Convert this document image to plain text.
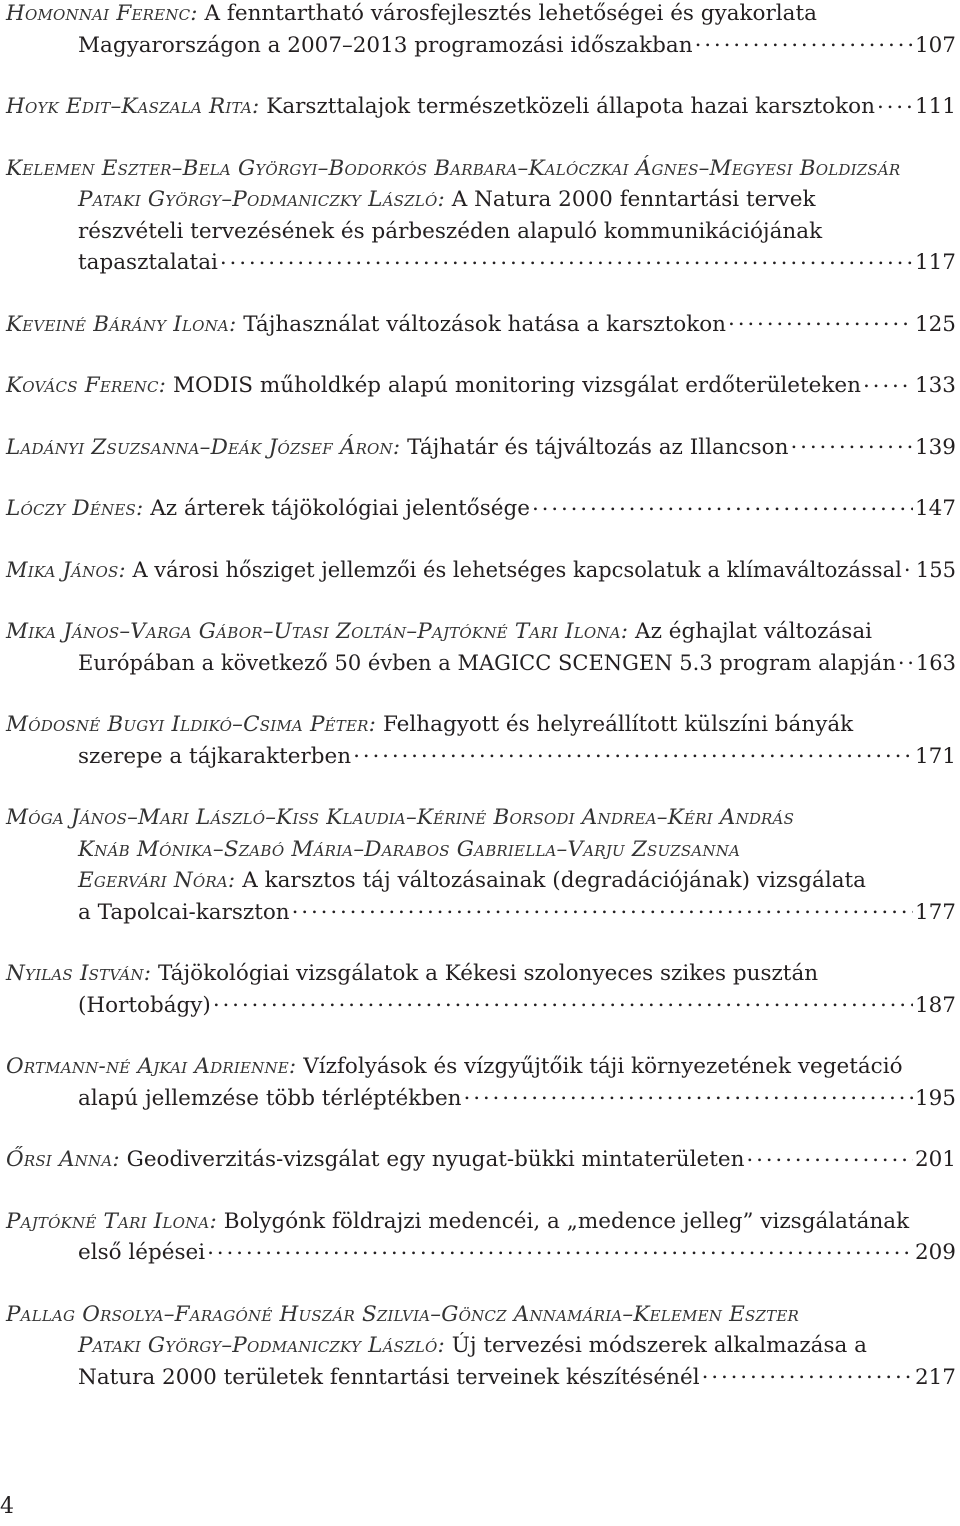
Homonnai Ferenc: A fenntartható városfejlesztés lehetőségei és gyakorlata
Magyarországon a 2007–2013 programozási időszakban . . .	107
Hoyk Edit–Kaszala Rita: Karszttalajok természetközeli állapota hazai karsztokon . . . 111
Kelemen Eszter–Bela Györgyi–Bodorkós Barbara–Kalóczkai Ágnes–Megyesi Boldizsár
Pataki György–Podmaniczky László: A Natura 2000 fenntartási tervek
részvételi tervezésének és párbeszéden alapuló kommunikációjának
tapasztalatai . . .	117
Keveiné Bárány Ilona: Tájhasználat változások hatása a karsztokon . . .	125
Kovács Ferenc: MODIS műholdkép alapú monitoring vizsgálat erdőterületeken . . .	133
Ladányi Zsuzsanna–Deák József Áron: Tájhatár és tájváltozás az Illancson . . .	139
Lóczy Dénes: Az árterek tájökológiai jelentősége . . .	147
Mika János: A városi hősziget jellemzői és lehetséges kapcsolatuk a klímaváltozással . . . 155
Mika János–Varga Gábor–Utasi Zoltán–Pajtókné Tari Ilona: Az éghajlat változásai
Európában a következő 50 évben a MAGICC SCENGEN 5.3 program alapján . . . 163
Módosné Bugyi Ildikó–Csima Péter: Felhagyott és helyreállított külszíni bányák
szerepe a tájkarakterben . . .	171
Móga János–Mari László–Kiss Klaudia–Kériné Borsodi Andrea–Kéri András
Knáb Mónika–Szabó Mária–Darabos Gabriella–Varju Zsuzsanna
Egervári Nóra: A karsztos táj változásainak (degradációjának) vizsgálata
a Tapolcai-karszton . . .	177
Nyilas István: Tájökológiai vizsgálatok a Kékesi szolonyeces szikes pusztán
(Hortobágy) . . .	187
Ortmann-né Ajkai Adrienne: Vízfolyások és vízgyűjtőik táji környezetének vegetáció
alapú jellemzése több térléptékben . . .	195
Őrsi Anna: Geodiverzitás-vizsgálat egy nyugat-bükki mintaterületen . . .	201
Pajtókné Tari Ilona: Bolygónk földrajzi medencéi, a „medence jelleg” vizsgálatának
első lépései . . .	209
Pallag Orsolya–Faragóné Huszár Szilvia–Göncz Annamária–Kelemen Eszter
Pataki György–Podmaniczky László: Új tervezési módszerek alkalmazása a
Natura 2000 területek fenntartási terveinek készítésénél . . .	217
4
